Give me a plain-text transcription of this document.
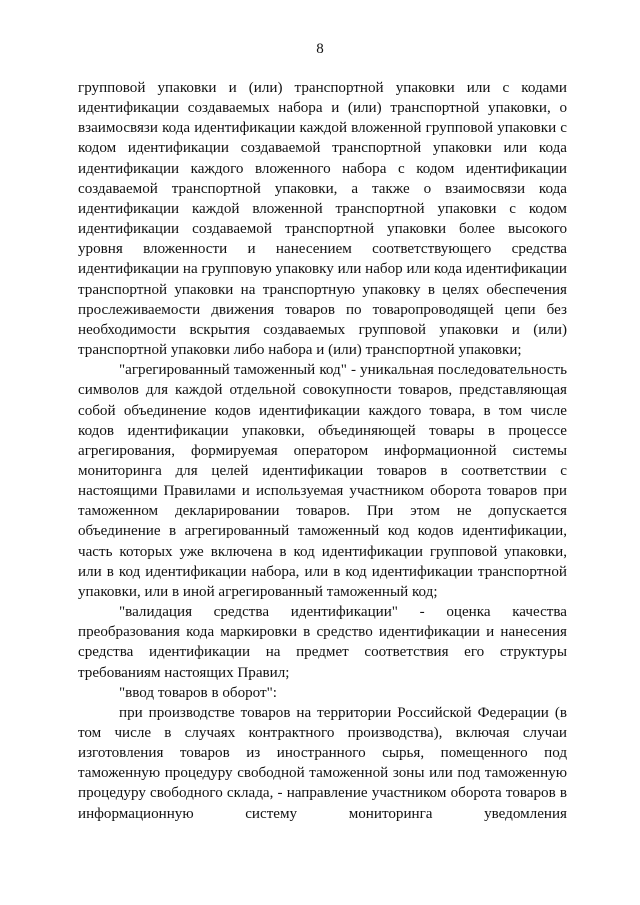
8

групповой упаковки и (или) транспортной упаковки или с кодами идентификации создаваемых набора и (или) транспортной упаковки, о взаимосвязи кода идентификации каждой вложенной групповой упаковки с кодом идентификации создаваемой транспортной упаковки или кода идентификации каждого вложенного набора с кодом идентификации создаваемой транспортной упаковки, а также о взаимосвязи кода идентификации каждой вложенной транспортной упаковки с кодом идентификации создаваемой транспортной упаковки более высокого уровня вложенности и нанесением соответствующего средства идентификации на групповую упаковку или набор или кода идентификации транспортной упаковки на транспортную упаковку в целях обеспечения прослеживаемости движения товаров по товаропроводящей цепи без необходимости вскрытия создаваемых групповой упаковки и (или) транспортной упаковки либо набора и (или) транспортной упаковки;

"агрегированный таможенный код" - уникальная последовательность символов для каждой отдельной совокупности товаров, представляющая собой объединение кодов идентификации каждого товара, в том числе кодов идентификации упаковки, объединяющей товары в процессе агрегирования, формируемая оператором информационной системы мониторинга для целей идентификации товаров в соответствии с настоящими Правилами и используемая участником оборота товаров при таможенном декларировании товаров. При этом не допускается объединение в агрегированный таможенный код кодов идентификации, часть которых уже включена в код идентификации групповой упаковки, или в код идентификации набора, или в код идентификации транспортной упаковки, или в иной агрегированный таможенный код;

"валидация средства идентификации" - оценка качества преобразования кода маркировки в средство идентификации и нанесения средства идентификации на предмет соответствия его структуры требованиям настоящих Правил;

"ввод товаров в оборот":

при производстве товаров на территории Российской Федерации (в том числе в случаях контрактного производства), включая случаи изготовления товаров из иностранного сырья, помещенного под таможенную процедуру свободной таможенной зоны или под таможенную процедуру свободного склада, - направление участником оборота товаров в информационную систему мониторинга уведомления
